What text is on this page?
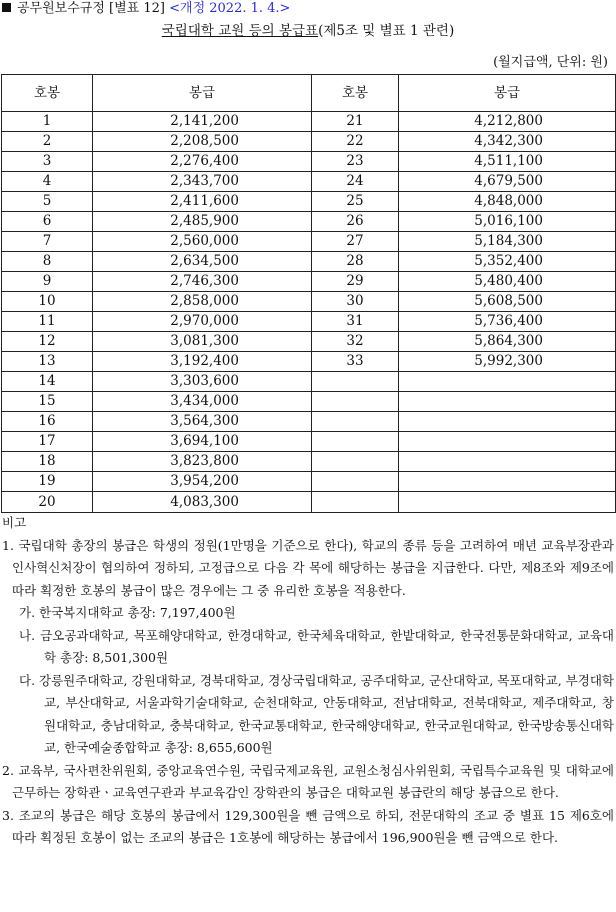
공무원보수규정 [별표 12] <개정 2022. 1. 4.>
국립대학 교원 등의 봉급표(제5조 및 별표 1 관련)
(월지급액, 단위: 원)
호봉	봉급	호봉	봉급
1	2,141,200	21	4,212,800
2	2,208,500	22	4,342,300
3	2,276,400	23	4,511,100
4	2,343,700	24	4,679,500
5	2,411,600	25	4,848,000
6	2,485,900	26	5,016,100
7	2,560,000	27	5,184,300
8	2,634,500	28	5,352,400
9	2,746,300	29	5,480,400
10	2,858,000	30	5,608,500
11	2,970,000	31	5,736,400
12	3,081,300	32	5,864,300
13	3,192,400	33	5,992,300
14	3,303,600		
15	3,434,000		
16	3,564,300		
17	3,694,100		
18	3,823,800		
19	3,954,200		
20	4,083,300		

비고

1. 국립대학 총장의 봉급은 학생의 정원(1만명을 기준으로 한다), 학교의 종류 등을 고려하여 매년 교육부장관과 인사혁신처장이 협의하여 정하되, 고정급으로 다음 각 목에 해당하는 봉급을 지급한다. 다만, 제8조와 제9조에 따라 획정한 호봉의 봉급이 많은 경우에는 그 중 유리한 호봉을 적용한다.

가. 한국복지대학교 총장: 7,197,400원

나. 금오공과대학교, 목포해양대학교, 한경대학교, 한국체육대학교, 한밭대학교, 한국전통문화대학교, 교육대학 총장: 8,501,300원

다. 강릉원주대학교, 강원대학교, 경북대학교, 경상국립대학교, 공주대학교, 군산대학교, 목포대학교, 부경대학교, 부산대학교, 서울과학기술대학교, 순천대학교, 안동대학교, 전남대학교, 전북대학교, 제주대학교, 창원대학교, 충남대학교, 충북대학교, 한국교통대학교, 한국해양대학교, 한국교원대학교, 한국방송통신대학교, 한국예술종합학교 총장: 8,655,600원

2. 교육부, 국사편찬위원회, 중앙교육연수원, 국립국제교육원, 교원소청심사위원회, 국립특수교육원 및 대학교에 근무하는 장학관ㆍ교육연구관과 부교육감인 장학관의 봉급은 대학교원 봉급란의 해당 봉급으로 한다.

3. 조교의 봉급은 해당 호봉의 봉급에서 129,300원을 뺀 금액으로 하되, 전문대학의 조교 중 별표 15 제6호에 따라 획정된 호봉이 없는 조교의 봉급은 1호봉에 해당하는 봉급에서 196,900원을 뺀 금액으로 한다.
